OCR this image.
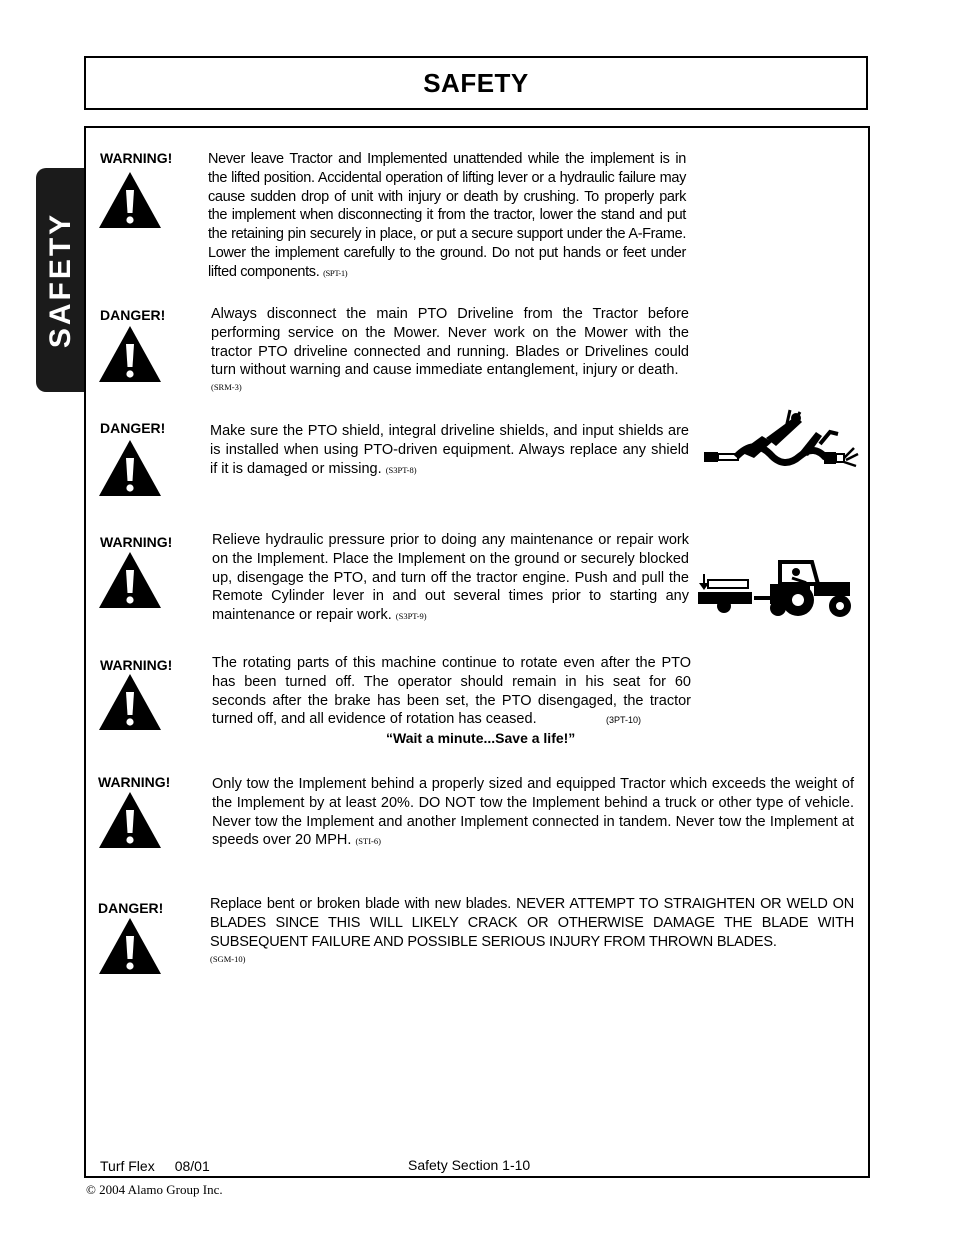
SAFETY
SAFETY
WARNING! Never leave Tractor and Implemented unattended while the implement is in the lifted position. Accidental operation of lifting lever or a hydraulic failure may cause sudden drop of unit with injury or death by crushing. To properly park the implement when disconnecting it from the tractor, lower the stand and put the retaining pin securely in place, or put a secure support under the A-Frame. Lower the implement carefully to the ground. Do not put hands or feet under lifted components. (SPT-1)
DANGER!	Always disconnect the main PTO Driveline from the Tractor before performing service on the Mower. Never work on the Mower with the tractor PTO driveline connected and running. Blades or Drivelines could turn without warning and cause immediate entanglement, injury or death.
(SRM-3)
DANGER!	Make sure the PTO shield, integral driveline shields, and input shields are is installed when using PTO-driven equipment. Always replace any shield if it is damaged or missing. (S3PT-8)
WARNING!	Relieve hydraulic pressure prior to doing any maintenance or repair work on the Implement. Place the Implement on the ground or securely blocked up, disengage the PTO, and turn off the tractor engine. Push and pull the Remote Cylinder lever in and out several times prior to starting any maintenance or repair work. (S3PT-9)
WARNING!	The rotating parts of this machine continue to rotate even after the PTO has been turned off. The operator should remain in his seat for 60 seconds after the brake has been set, the PTO disengaged, the tractor turned off, and all evidence of rotation has ceased.	(3PT-10)
“Wait a minute...Save a life!”
WARNING!	Only tow the Implement behind a properly sized and equipped Tractor which exceeds the weight of the Implement by at least 20%. DO NOT tow the Implement behind a truck or other type of vehicle. Never tow the Implement and another Implement connected in tandem. Never tow the Implement at speeds over 20 MPH. (STI-6)
DANGER!	Replace bent or broken blade with new blades. NEVER ATTEMPT TO STRAIGHTEN OR WELD ON BLADES SINCE THIS WILL LIKELY CRACK OR OTHERWISE DAMAGE THE BLADE WITH SUBSEQUENT FAILURE AND POSSIBLE SERIOUS INJURY FROM THROWN BLADES.
(SGM-10)
Turf Flex 08/01	Safety Section 1-10
© 2004 Alamo Group Inc.
